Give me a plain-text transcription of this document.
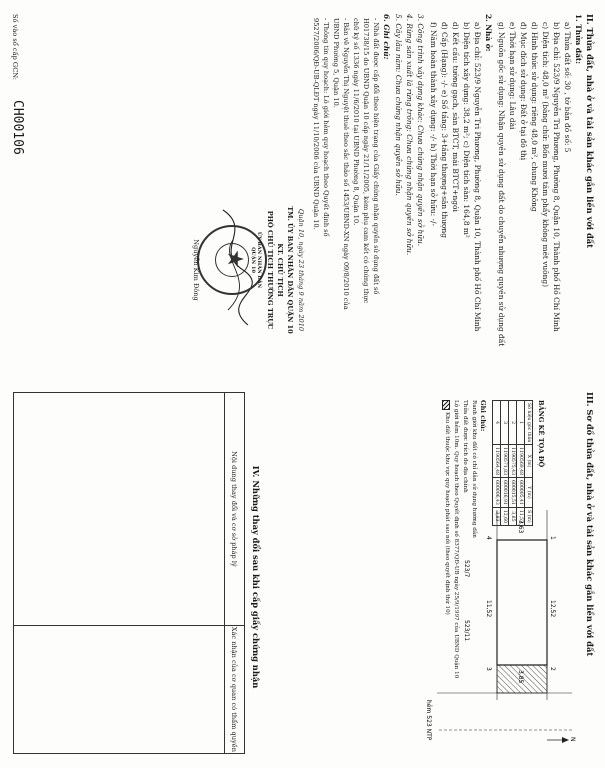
II. Thửa đất, nhà ở và tài sản khác gắn liền với đất
1. Thửa đất:
a) Thửa đất số: 30 , tờ bản đồ số: 5
b) Địa chỉ: 523/9 Nguyễn Tri Phương, Phường 8, Quận 10, Thành phố Hồ Chí Minh
c) Diện tích: 48,0 m² (bằng chữ: Bốn mươi tám phẩy không mét vuông)
d) Hình thức sử dụng: riêng 48,0 m², chung Không
đ) Mục đích sử dụng: Đất ở tại đô thị
e) Thời hạn sử dụng: Lâu dài
g) Nguồn gốc sử dụng: Nhận quyền sử dụng đất do chuyển nhượng quyền sử dụng đất
2. Nhà ở:
a) Địa chỉ: 523/9 Nguyễn Tri Phương, Phường 8, Quận 10, Thành phố Hồ Chí Minh
b) Diện tích xây dựng: 38,2 m²; c) Diện tích sàn: 164,8 m²
d) Kết cấu: tường gạch, sàn BTCT, mái BTCT+ngói
đ) Cấp (Hạng): -/- e) Số tầng: 3+tầng thượng+sân thượng
f) Năm hoàn thành xây dựng: -/- h) Thời hạn sở hữu: -/-
3. Công trình xây dựng khác: Chưa chứng nhận quyền sở hữu.
4. Rừng sản xuất là rừng trồng: Chưa chứng nhận quyền sở hữu.
5. Cây lâu năm: Chưa chứng nhận quyền sở hữu.
6. Ghi chú:
- Nhà đất được cấp đổi theo hiện trạng của Giấy chứng nhận quyền sử dụng đất số
H01738/15 do UBND Quận 10 cấp ngày 21/11/2005, kèm phụ cam kết có chứng thực
chữ ký số 1336 ngày 11/6/2010 tại UBND Phường 8, Quận 10.
- Bản vẽ Nguyễn Thị Nguyệt thuê theo sắc thảo số 1453/UBND-XN ngày 09/8/2010 của
UBND Phường 5, Quận 10.
- Thông tin quy hoạch: Lô giới hẻm quy hoạch theo Quyết định số
9527/2006/QĐ-UB-QLĐT ngày 11/10/2006 của UBND Quận 10.
Quận 10, ngày 23 tháng 9 năm 2010
TM. ỦY BAN NHÂN DÂN QUẬN 10
KT. CHỦ TỊCH
PHÓ CHỦ TỊCH THƯỜNG TRỰC
ỦY BAN NHÂN DÂN QUẬN 10
★
Nguyễn Kim Đông
Số vào sổ cấp GCN:
CH00106
III. Sơ đồ thửa đất, nhà ở và tài sản khác gắn liền với đất
1
2
3
4
12,52
3,85
11,52
3,63
523/7
523/11
hẻm 523 NTP	N
BẢNG KÊ TỌA ĐỘ
Số hiệu góc thửa	X (m)	Y (m)	S (m)
1	1190569,48	600005,41	11,52
2	1190575,43	600015,51	3,85
3	1190571,83	600016,91	12,60
4	1190564,48	600006,43	3,83
Ghi chú:
Ranh giới khu đất có chỉ dẫn sử dụng hướng dẫn
Thửa đất được trích đo địa chính
Lộ giới hẻm 10m. Quy hoạch theo Quyết định số 8377/QĐ-UB ngày 25/9/1997 của UBND Quận 10
Khu đất thuộc khu vực quy hoạch phát sau nối (theo quyết định thứ 10)
IV. Những thay đổi sau khi cấp giấy chứng nhận
Nội dung thay đổi và cơ sở pháp lý	Xác nhận của cơ quan có thẩm quyền
